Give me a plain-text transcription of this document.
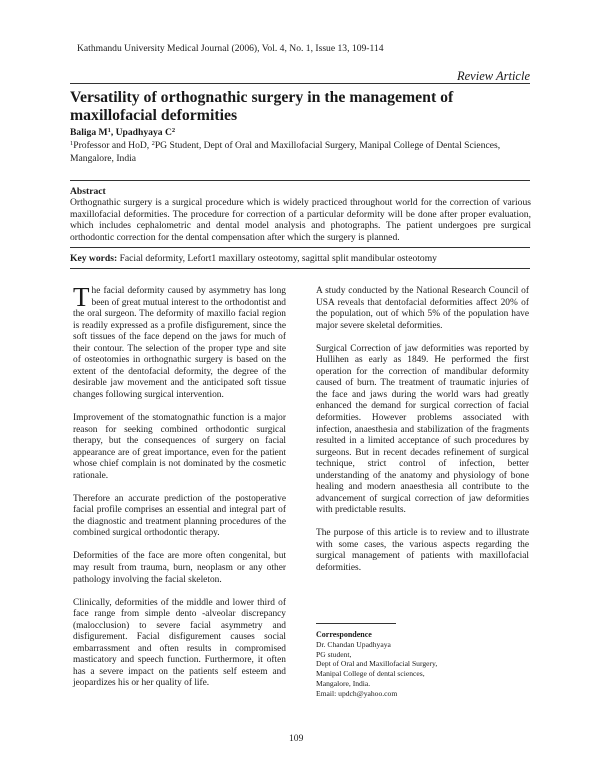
Kathmandu University Medical Journal (2006), Vol. 4, No. 1, Issue 13, 109-114
Review Article
Versatility of orthognathic surgery in the management of
maxillofacial deformities
Baliga $M^1$, Upadhyaya $C^2$
$^1$Professor and HoD, $^2$PG Student, Dept of Oral and Maxillofacial Surgery, Manipal College of Dental Sciences, Mangalore, India
Abstract
Orthognathic surgery is a surgical procedure which is widely practiced throughout world for the correction of various maxillofacial deformities. The procedure for correction of a particular deformity will be done after proper evaluation, which includes cephalometric and dental model analysis and photographs. The patient undergoes pre surgical orthodontic correction for the dental compensation after which the surgery is planned.
Key words: Facial deformity, Lefort1 maxillary osteotomy, sagittal split mandibular osteotomy

The facial deformity caused by asymmetry has long been of great mutual interest to the orthodontist and the oral surgeon. The deformity of maxillo facial region is readily expressed as a profile disfigurement, since the soft tissues of the face depend on the jaws for much of their contour. The selection of the proper type and site of osteotomies in orthognathic surgery is based on the extent of the dentofacial deformity, the degree of the desirable jaw movement and the anticipated soft tissue changes following surgical intervention.

Improvement of the stomatognathic function is a major reason for seeking combined orthodontic surgical therapy, but the consequences of surgery on facial appearance are of great importance, even for the patient whose chief complain is not dominated by the cosmetic rationale.

Therefore an accurate prediction of the postoperative facial profile comprises an essential and integral part of the diagnostic and treatment planning procedures of the combined surgical orthodontic therapy.

Deformities of the face are more often congenital, but may result from trauma, burn, neoplasm or any other pathology involving the facial skeleton.

Clinically, deformities of the middle and lower third of face range from simple dento -alveolar discrepancy (malocclusion) to severe facial asymmetry and disfigurement. Facial disfigurement causes social embarrassment and often results in compromised masticatory and speech function. Furthermore, it often has a severe impact on the patients self esteem and jeopardizes his or her quality of life.

A study conducted by the National Research Council of USA reveals that dentofacial deformities affect 20% of the population, out of which 5% of the population have major severe skeletal deformities.

Surgical Correction of jaw deformities was reported by Hullihen as early as 1849. He performed the first operation for the correction of mandibular deformity caused of burn. The treatment of traumatic injuries of the face and jaws during the world wars had greatly enhanced the demand for surgical correction of facial deformities. However problems associated with infection, anaesthesia and stabilization of the fragments resulted in a limited acceptance of such procedures by surgeons. But in recent decades refinement of surgical technique, strict control of infection, better understanding of the anatomy and physiology of bone healing and modern anaesthesia all contribute to the advancement of surgical correction of jaw deformities with predictable results.

The purpose of this article is to review and to illustrate with some cases, the various aspects regarding the surgical management of patients with maxillofacial deformities.

Correspondence
Dr. Chandan Upadhyaya
PG student,
Dept of Oral and Maxillofacial Surgery,
Manipal College of dental sciences,
Mangalore, India.
Email: updch@yahoo.com
109
